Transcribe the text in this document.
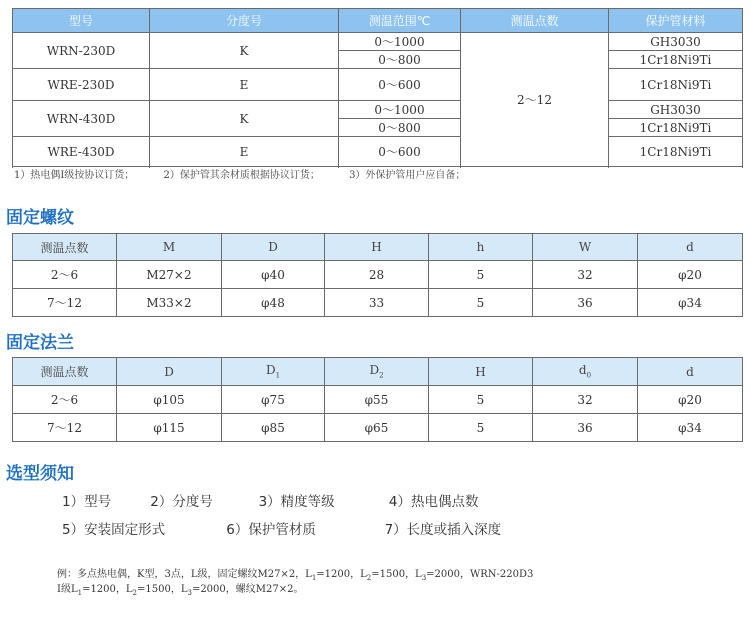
型号	分度号	测温范围℃	测温点数	保护管材料
WRN-230D	K	0～1000	2～12	GH3030
		0～800		1Cr18Ni9Ti
WRE-230D	E	0～600		1Cr18Ni9Ti

WRN-430D	K	0～1000		GH3030
		0～800		1Cr18Ni9Ti
WRE-430D	E	0～600		1Cr18Ni9Ti

1）热电偶I级按协议订货；	2）保护管其余材质根据协议订货；	3）外保护管用户应自备；
固定螺纹
测温点数	M	D	H	h	W	d
2～6	M27×2	φ40	28	5	32	φ20
7～12	M33×2	φ48	33	5	36	φ34
固定法兰
测温点数	D	$D_1$	$D_2$	H	$d_0$	d
2～6	φ105	φ75	φ55	5	32	φ20
7～12	φ115	φ85	φ65	5	36	φ34
选型须知
1）型号	2）分度号	3）精度等级	4）热电偶点数
5）安装固定形式	6）保护管材质	7）长度或插入深度
例：多点热电偶，K型，3点，L级，固定螺纹M27×2，$L_1=1200$，$L_2=1500$，$L_3=2000$，WRN-220D3
I级$L_1=1200$，$L_2=1500$，$L_3=2000$，螺纹M27×2。
